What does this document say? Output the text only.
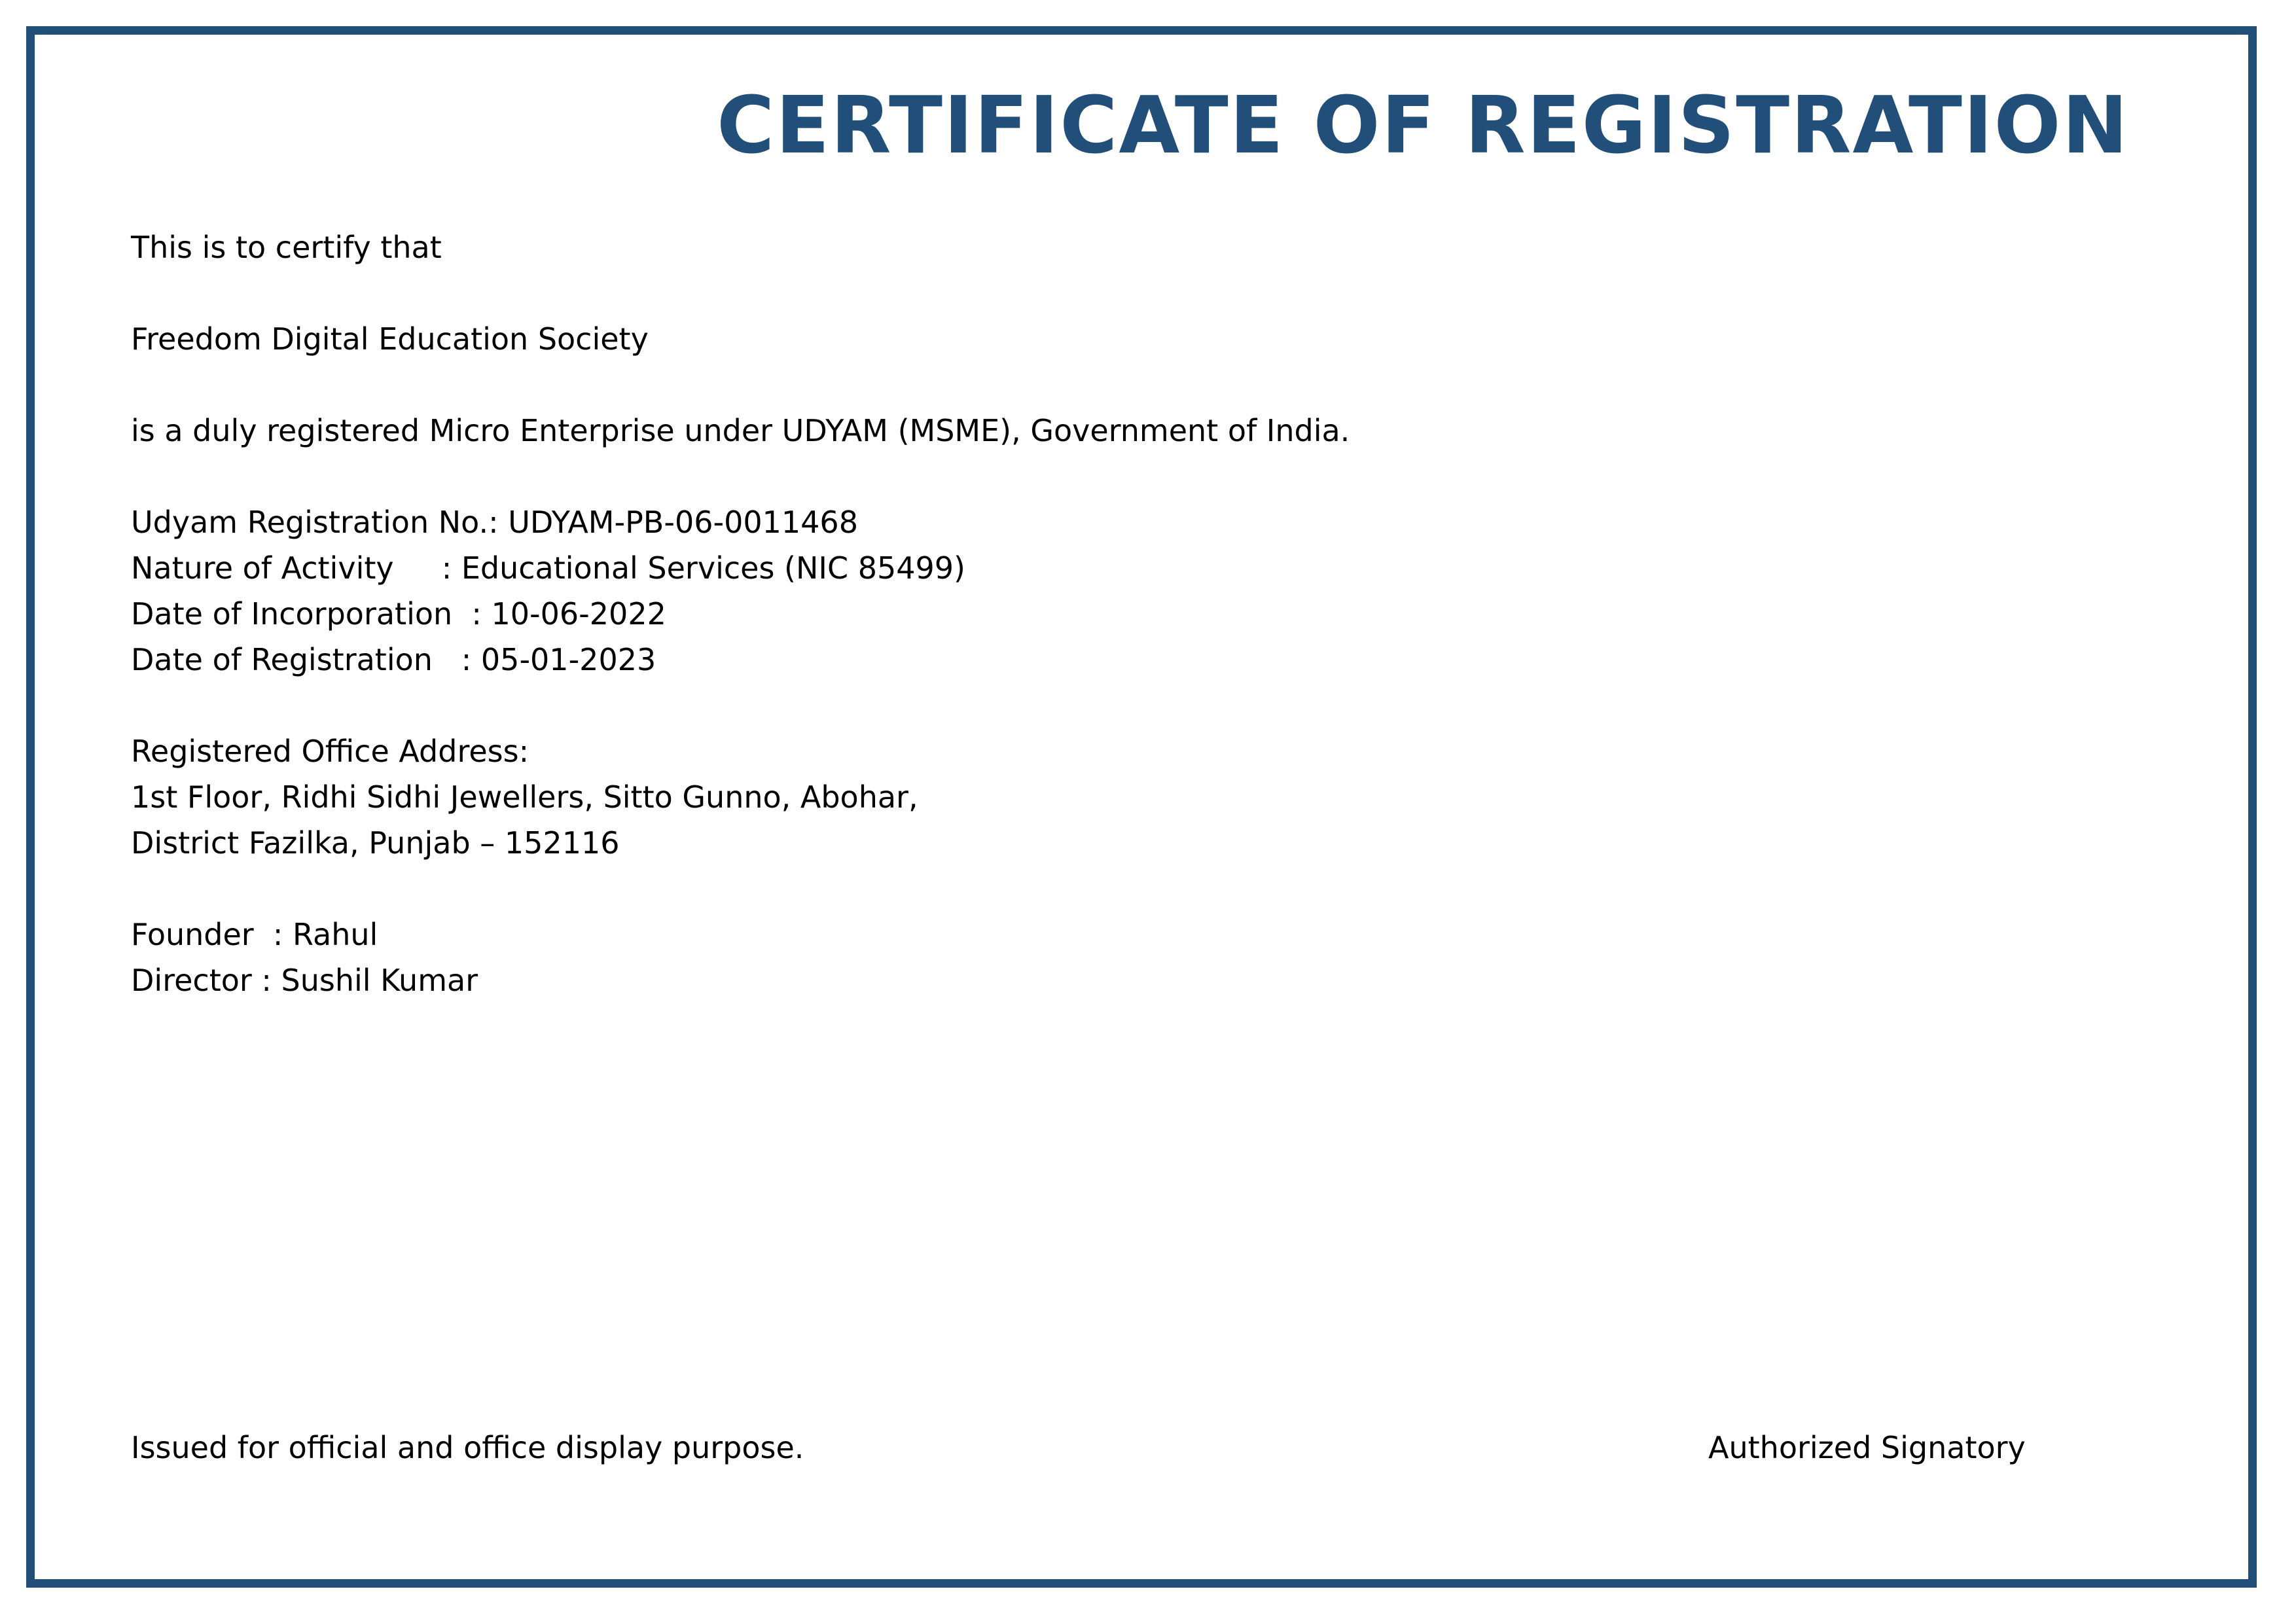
CERTIFICATE OF REGISTRATION

This is to certify that

Freedom Digital Education Society

is a duly registered Micro Enterprise under UDYAM (MSME), Government of India.

Udyam Registration No.: UDYAM-PB-06-0011468

Nature of Activity     : Educational Services (NIC 85499)

Date of Incorporation  : 10-06-2022

Date of Registration   : 05-01-2023

Registered Office Address:

1st Floor, Ridhi Sidhi Jewellers, Sitto Gunno, Abohar,

District Fazilka, Punjab – 152116

Founder  : Rahul

Director : Sushil Kumar

Issued for official and office display purpose.	Authorized Signatory
